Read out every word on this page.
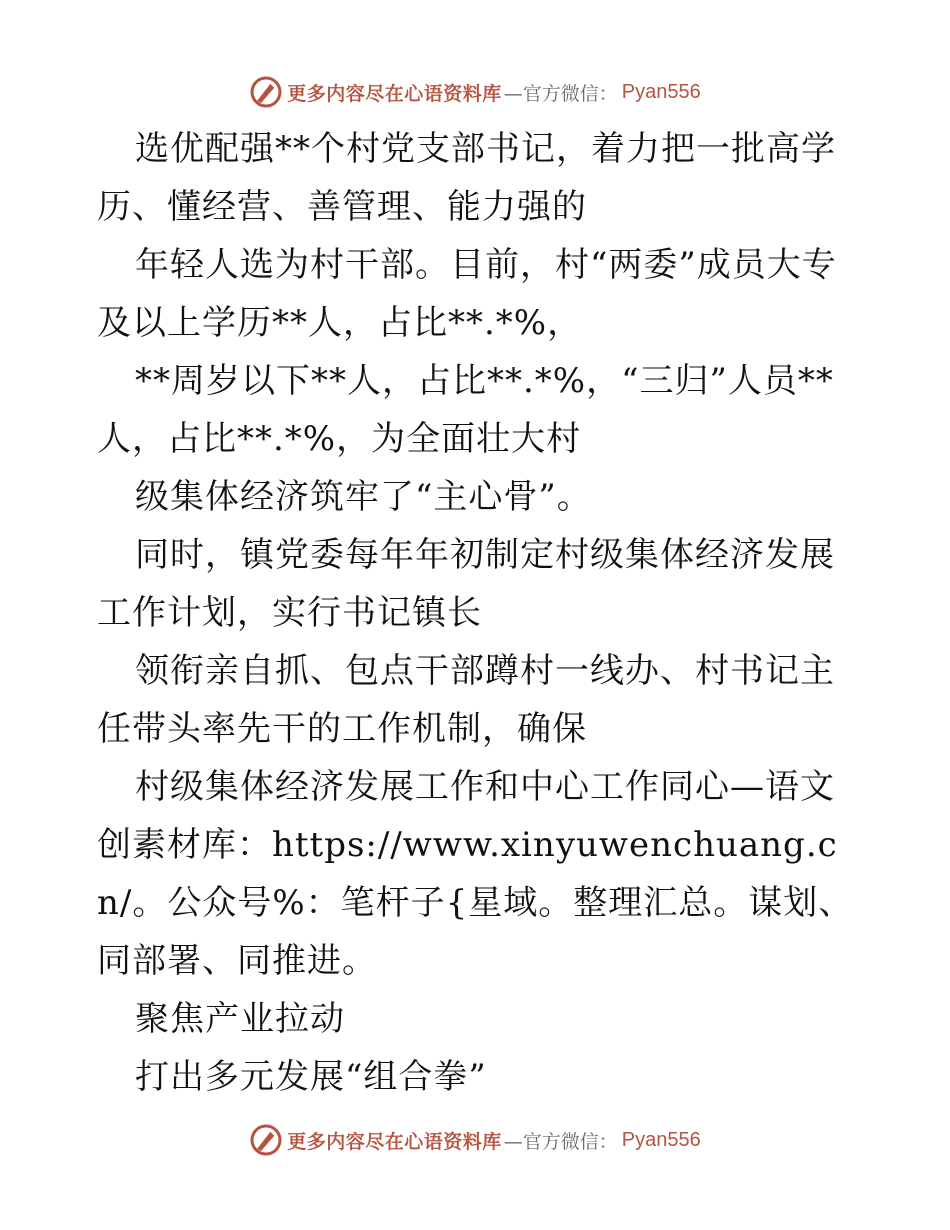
更多内容尽在心语资料库 —官方微信： Pyan556

选优配强**个村党支部书记，着力把一批高学历、懂经营、善管理、能力强的

年轻人选为村干部。目前，村“两委”成员大专及以上学历**人，占比**.*%，

**周岁以下**人，占比**.*%，“三归”人员**人，占比**.*%，为全面壮大村

级集体经济筑牢了“主心骨”。

同时，镇党委每年年初制定村级集体经济发展工作计划，实行书记镇长

领衔亲自抓、包点干部蹲村一线办、村书记主任带头率先干的工作机制，确保

村级集体经济发展工作和中心工作同心—语文创素材库：https://www.xinyuwenchuang.cn/。公众号%：笔杆子{星域。整理汇总。谋划、同部署、同推进。

聚焦产业拉动

打出多元发展“组合拳”

更多内容尽在心语资料库 —官方微信： Pyan556
